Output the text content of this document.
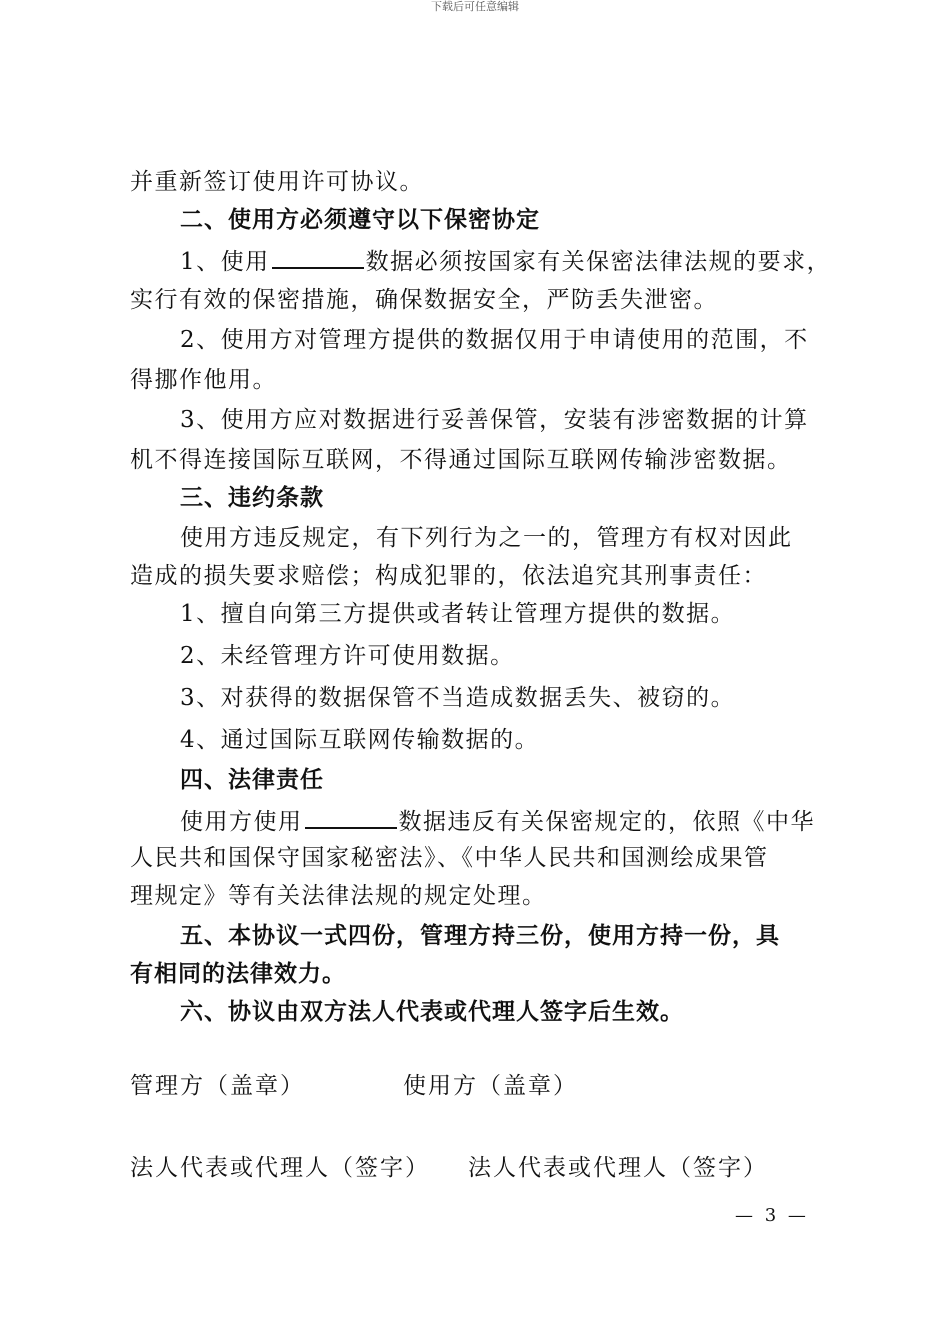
下载后可任意编辑
并重新签订使用许可协议。
二、使用方必须遵守以下保密协定
1、使用	数据必须按国家有关保密法律法规的要求，
实行有效的保密措施，确保数据安全，严防丢失泄密。
2、使用方对管理方提供的数据仅用于申请使用的范围，不
得挪作他用。
3、使用方应对数据进行妥善保管，安装有涉密数据的计算
机不得连接国际互联网，不得通过国际互联网传输涉密数据。
三、违约条款
使用方违反规定，有下列行为之一的，管理方有权对因此
造成的损失要求赔偿；构成犯罪的，依法追究其刑事责任：
1、擅自向第三方提供或者转让管理方提供的数据。
2、未经管理方许可使用数据。
3、对获得的数据保管不当造成数据丢失、被窃的。
4、通过国际互联网传输数据的。
四、法律责任
使用方使用	数据违反有关保密规定的，依照《中华
人民共和国保守国家秘密法》、《中华人民共和国测绘成果管
理规定》等有关法律法规的规定处理。
五、本协议一式四份，管理方持三份，使用方持一份，具
有相同的法律效力。
六、协议由双方法人代表或代理人签字后生效。
管理方（盖章）	使用方（盖章）
法人代表或代理人（签字） 法人代表或代理人（签字）
— 3 —
